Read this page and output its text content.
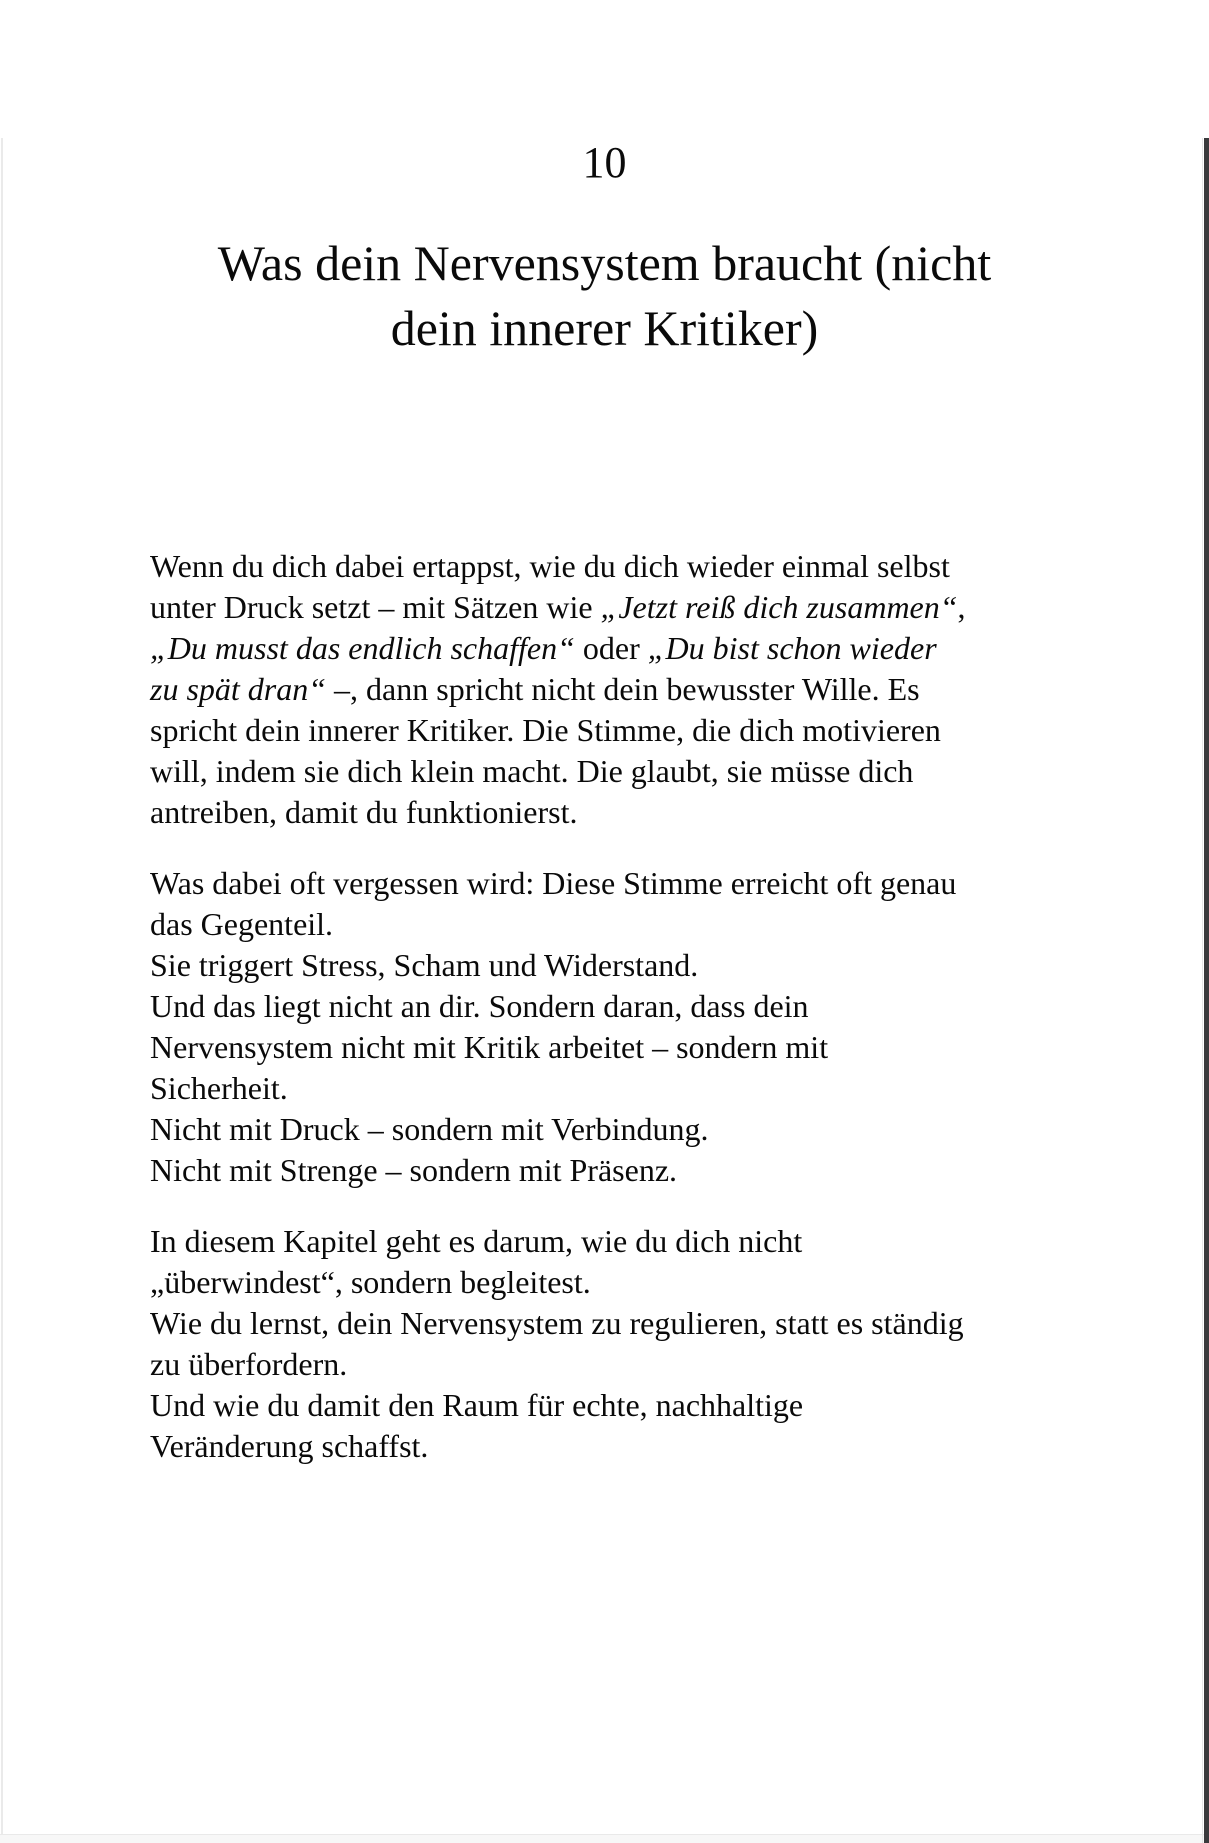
10
Was dein Nervensystem braucht (nicht
dein innerer Kritiker)

Wenn du dich dabei ertappst, wie du dich wieder einmal selbst
unter Druck setzt – mit Sätzen wie „Jetzt reiß dich zusammen“,
„Du musst das endlich schaffen“ oder „Du bist schon wieder
zu spät dran“ –, dann spricht nicht dein bewusster Wille. Es
spricht dein innerer Kritiker. Die Stimme, die dich motivieren
will, indem sie dich klein macht. Die glaubt, sie müsse dich
antreiben, damit du funktionierst.

Was dabei oft vergessen wird: Diese Stimme erreicht oft genau
das Gegenteil.
Sie triggert Stress, Scham und Widerstand.
Und das liegt nicht an dir. Sondern daran, dass dein
Nervensystem nicht mit Kritik arbeitet – sondern mit
Sicherheit.
Nicht mit Druck – sondern mit Verbindung.
Nicht mit Strenge – sondern mit Präsenz.

In diesem Kapitel geht es darum, wie du dich nicht
„überwindest“, sondern begleitest.
Wie du lernst, dein Nervensystem zu regulieren, statt es ständig
zu überfordern.
Und wie du damit den Raum für echte, nachhaltige
Veränderung schaffst.
